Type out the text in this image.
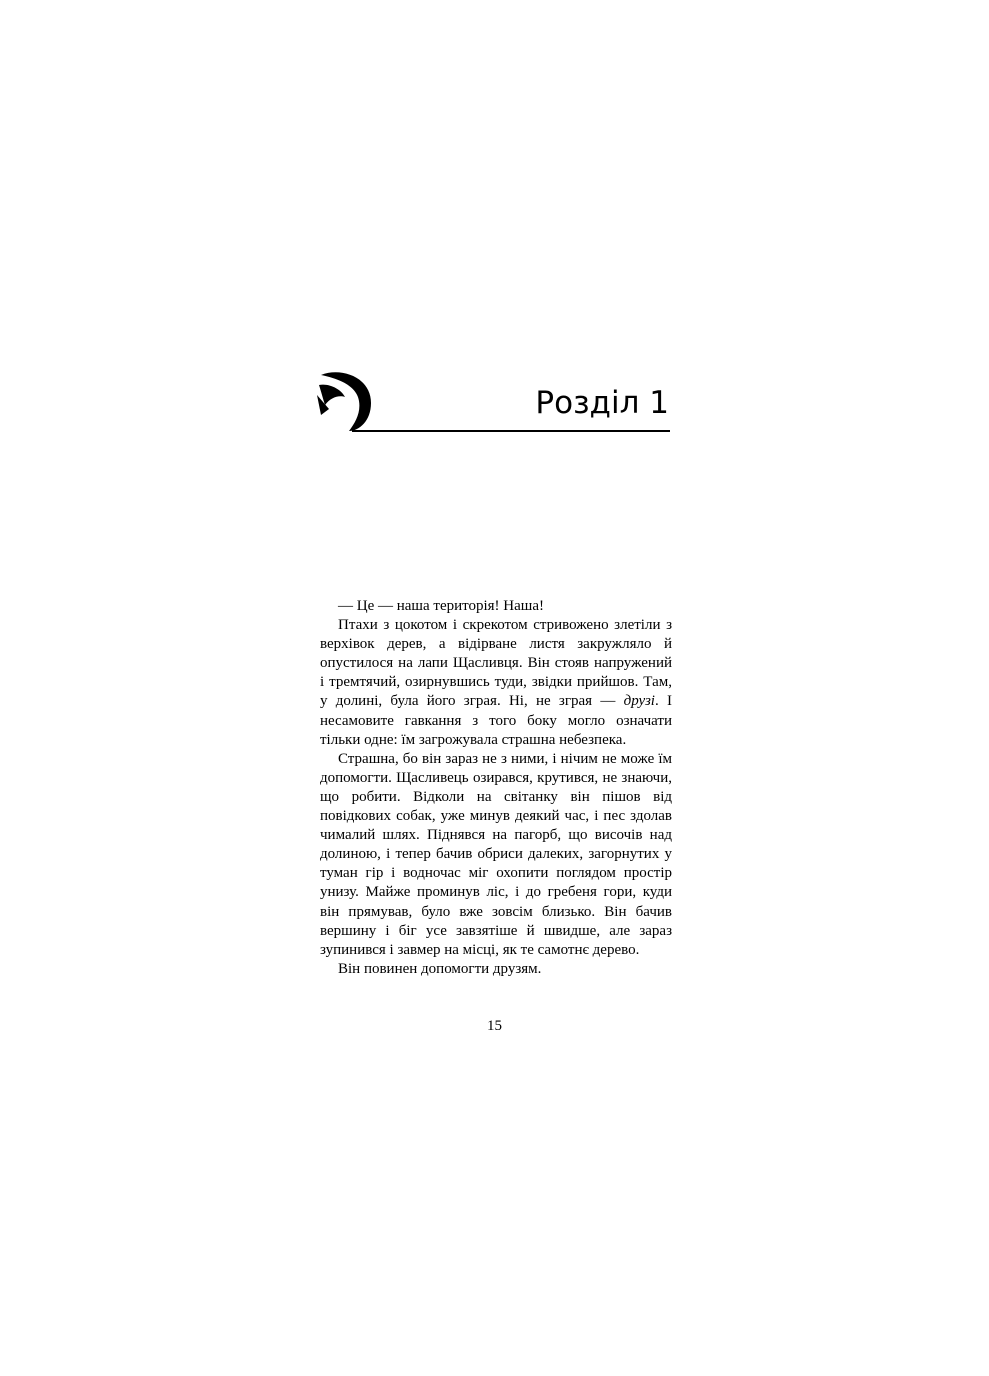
Розділ 1

— Це — наша територія! Наша!

Птахи з цокотом і скрекотом стривожено злетіли з верхівок дерев, а відірване листя закружляло й опустилося на лапи Щасливця. Він стояв напружений і тремтячий, озирнувшись туди, звідки прийшов. Там, у долині, була його зграя. Ні, не зграя — друзі. І несамовите гавкання з того боку могло означати тільки одне: їм загрожувала страшна небезпека.

Страшна, бо він зараз не з ними, і нічим не може їм допомогти. Щасливець озирався, крутився, не знаючи, що робити. Відколи на світанку він пішов від повідкових собак, уже минув деякий час, і пес здолав чималий шлях. Піднявся на пагорб, що височів над долиною, і тепер бачив обриси далеких, загорнутих у туман гір і водночас міг охопити поглядом простір унизу. Майже проминув ліс, і до гребеня гори, куди він прямував, було вже зовсім близько. Він бачив вершину і біг усе завзятіше й швидше, але зараз зупинився і завмер на місці, як те самотнє дерево.

Він повинен допомогти друзям.

15
